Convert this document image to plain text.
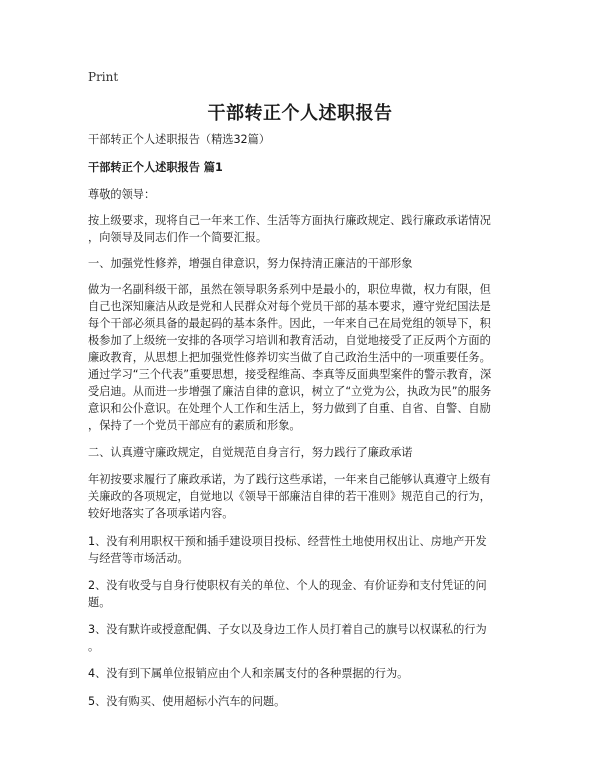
Print
干部转正个人述职报告
干部转正个人述职报告（精选32篇）
干部转正个人述职报告 篇1
尊敬的领导：
按上级要求，现将自己一年来工作、生活等方面执行廉政规定、践行廉政承诺情况
，向领导及同志们作一个简要汇报。
一、加强党性修养，增强自律意识，努力保持清正廉洁的干部形象
做为一名副科级干部，虽然在领导职务系列中是最小的，职位卑微，权力有限，但
自己也深知廉洁从政是党和人民群众对每个党员干部的基本要求，遵守党纪国法是
每个干部必须具备的最起码的基本条件。因此，一年来自己在局党组的领导下，积
极参加了上级统一安排的各项学习培训和教育活动，自觉地接受了正反两个方面的
廉政教育，从思想上把加强党性修养切实当做了自己政治生活中的一项重要任务。
通过学习“三个代表”重要思想，接受程维高、李真等反面典型案件的警示教育，深
受启迪。从而进一步增强了廉洁自律的意识，树立了“立党为公，执政为民”的服务
意识和公仆意识。在处理个人工作和生活上，努力做到了自重、自省、自警、自励
，保持了一个党员干部应有的素质和形象。
二、认真遵守廉政规定，自觉规范自身言行，努力践行了廉政承诺
年初按要求履行了廉政承诺，为了践行这些承诺，一年来自己能够认真遵守上级有
关廉政的各项规定，自觉地以《领导干部廉洁自律的若干准则》规范自己的行为，
较好地落实了各项承诺内容。
1、没有利用职权干预和插手建设项目投标、经营性土地使用权出让、房地产开发
与经营等市场活动。
2、没有收受与自身行使职权有关的单位、个人的现金、有价证券和支付凭证的问
题。
3、没有默许或授意配偶、子女以及身边工作人员打着自己的旗号以权谋私的行为
。
4、没有到下属单位报销应由个人和亲属支付的各种票据的行为。
5、没有购买、使用超标小汽车的问题。
